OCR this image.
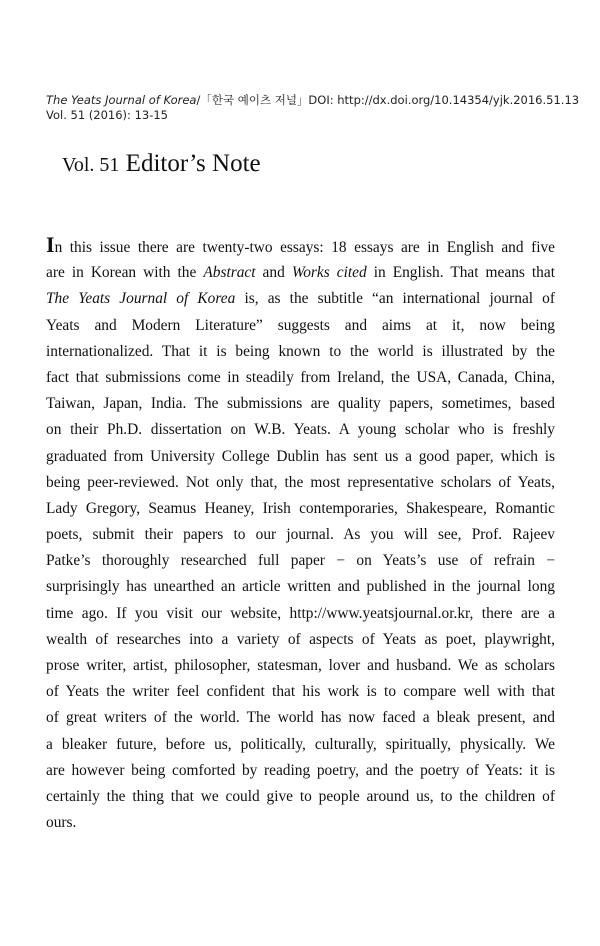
The Yeats Journal of Korea/「한국 예이츠 저널」DOI: http://dx.doi.org/10.14354/yjk.2016.51.13
Vol. 51 (2016): 13-15
Vol. 51 Editor’s Note
In this issue there are twenty-two essays: 18 essays are in English and five
are in Korean with the Abstract and Works cited in English. That means that
The Yeats Journal of Korea is, as the subtitle “an international journal of
Yeats and Modern Literature” suggests and aims at it, now being
internationalized. That it is being known to the world is illustrated by the
fact that submissions come in steadily from Ireland, the USA, Canada, China,
Taiwan, Japan, India. The submissions are quality papers, sometimes, based
on their Ph.D. dissertation on W.B. Yeats. A young scholar who is freshly
graduated from University College Dublin has sent us a good paper, which is
being peer-reviewed. Not only that, the most representative scholars of Yeats,
Lady Gregory, Seamus Heaney, Irish contemporaries, Shakespeare, Romantic
poets, submit their papers to our journal. As you will see, Prof. Rajeev
Patke’s thoroughly researched full paper − on Yeats’s use of refrain −
surprisingly has unearthed an article written and published in the journal long
time ago. If you visit our website, http://www.yeatsjournal.or.kr, there are a
wealth of researches into a variety of aspects of Yeats as poet, playwright,
prose writer, artist, philosopher, statesman, lover and husband. We as scholars
of Yeats the writer feel confident that his work is to compare well with that
of great writers of the world. The world has now faced a bleak present, and
a bleaker future, before us, politically, culturally, spiritually, physically. We
are however being comforted by reading poetry, and the poetry of Yeats: it is
certainly the thing that we could give to people around us, to the children of
ours.
